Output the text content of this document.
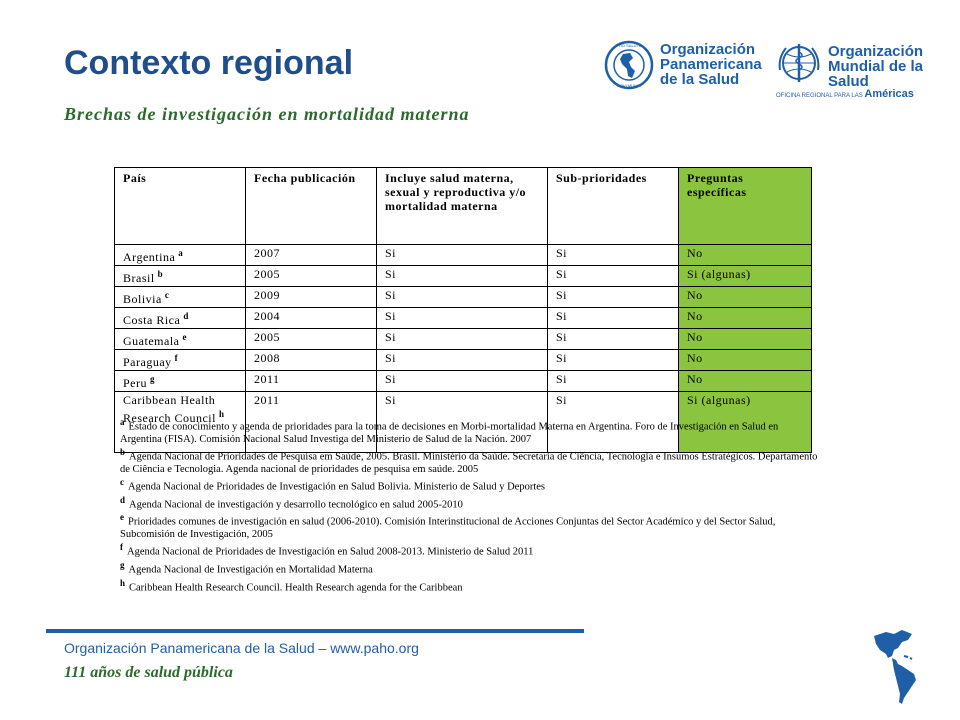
Contexto regional
Brechas de investigación en mortalidad materna
PRO SALUTE
NOVI MUNDI
Organización
Panamericana
de la Salud
Organización
Mundial de la Salud
OFICINA REGIONAL PARA LAS Américas
País	Fecha publicación	Incluye salud materna, sexual y reproductiva y/o mortalidad materna	Sub-prioridades	Preguntas específicas
Argentina $^a$	2007	Si	Si	No
Brasil $^b$	2005	Si	Si	Si (algunas)
Bolivia $^c$	2009	Si	Si	No
Costa Rica $^d$	2004	Si	Si	No
Guatemala $^e$	2005	Si	Si	No
Paraguay $^f$	2008	Si	Si	No
Peru $^g$	2011	Si	Si	No
Caribbean Health Research Council $^h$	2011	Si	Si	Si (algunas)

a Estado de conocimiento y agenda de prioridades para la toma de decisiones en Morbi-mortalidad Materna en Argentina. Foro de Investigación en Salud en Argentina (FISA). Comisión Nacional Salud Investiga del Ministerio de Salud de la Nación. 2007

b Agenda Nacional de Prioridades de Pesquisa em Saúde, 2005. Brasil. Ministério da Saúde. Secretaria de Ciência, Tecnologia e Insumos Estratégicos. Departamento de Ciência e Tecnologia. Agenda nacional de prioridades de pesquisa em saúde. 2005

c Agenda Nacional de Prioridades de Investigación en Salud Bolivia. Ministerio de Salud y Deportes

d Agenda Nacional de investigación y desarrollo tecnológico en salud 2005-2010

e Prioridades comunes de investigación en salud (2006-2010). Comisión Interinstitucional de Acciones Conjuntas del Sector Académico y del Sector Salud, Subcomisión de Investigación, 2005

f Agenda Nacional de Prioridades de Investigación en Salud 2008-2013. Ministerio de Salud 2011

g Agenda Nacional de Investigación en Mortalidad Materna

h Caribbean Health Research Council. Health Research agenda for the Caribbean

Organización Panamericana de la Salud – www.paho.org
111 años de salud pública
